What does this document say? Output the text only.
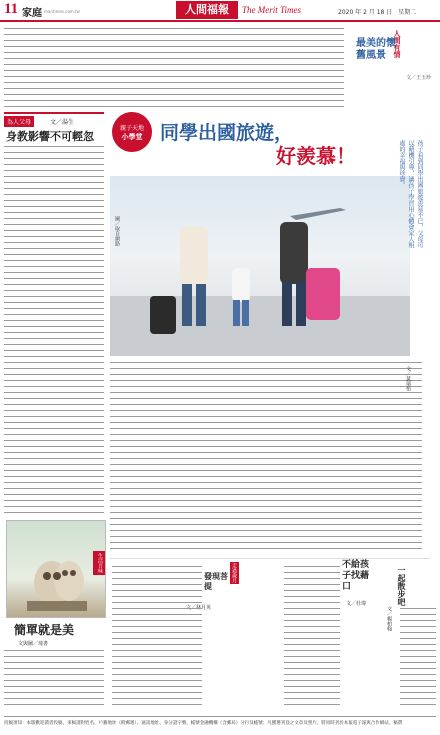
11 家庭 mantimes.com.tw	人間福報	The Merit Times	2020 年 2 月 18 日　星期二
人間有情
最美的懷舊風景
文／王玉珍
為人父母	文／湯生
身教影響不可輕忽
生活百味
簡單就是美
文與圖／琦書
親子天地
小學堂 同學出國旅遊，
好羨慕！
圖／取自網路	孩子看到同學出國旅遊羨慕不已，父母可以藉機引導，讓孩子學習用心體會家人相處的幸福與珍貴。
文／黃瑞怡
一起散步吧
文／楊柏翰
不給孩子找藉口
文／杜瑋
走過歲月
發現菩提
文／林月英
投稿須知：本版歡迎讀者投稿，來稿請附姓名、戶籍地址（附郵遞）、通訊地址、身分證字號、帳號金融機構（含郵局）分行及帳號；凡獲選刊登之文章及照片，將同時刊於本報電子報與合作網站，稿費
